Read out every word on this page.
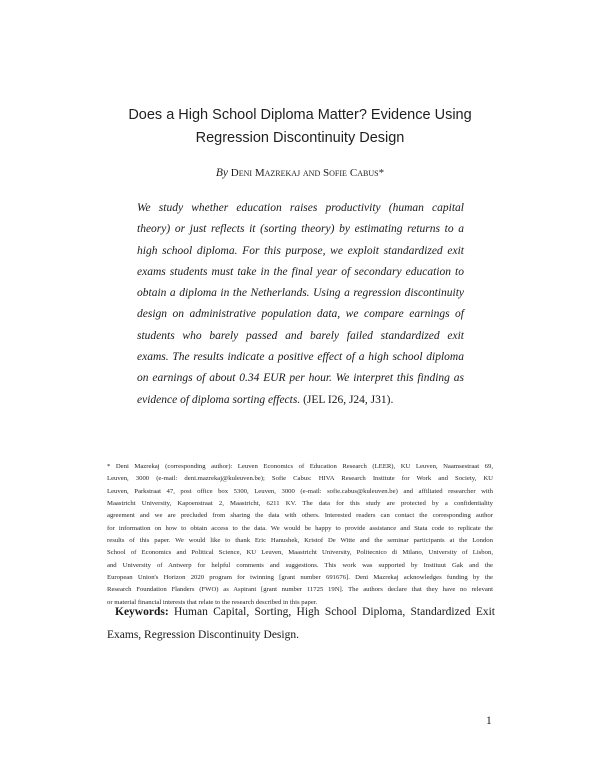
Does a High School Diploma Matter? Evidence Using
Regression Discontinuity Design
By Deni Mazrekaj and Sofie Cabus*
We study whether education raises productivity (human capital
theory) or just reflects it (sorting theory) by estimating returns to a
high school diploma. For this purpose, we exploit standardized exit
exams students must take in the final year of secondary education to
obtain a diploma in the Netherlands. Using a regression discontinuity
design on administrative population data, we compare earnings of
students who barely passed and barely failed standardized exit
exams. The results indicate a positive effect of a high school diploma
on earnings of about 0.34 EUR per hour. We interpret this finding as
evidence of diploma sorting effects. (JEL I26, J24, J31).
* Deni Mazrekaj (corresponding author): Leuven Economics of Education Research (LEER), KU Leuven, Naamsestraat 69,
Leuven, 3000 (e-mail: deni.mazrekaj@kuleuven.be); Sofie Cabus: HIVA Research Institute for Work and Society, KU
Leuven, Parkstraat 47, post office box 5300, Leuven, 3000 (e-mail: sofie.cabus@kuleuven.be) and affiliated researcher with
Maastricht University, Kapoenstraat 2, Maastricht, 6211 KV. The data for this study are protected by a confidentiality
agreement and we are precluded from sharing the data with others. Interested readers can contact the corresponding author
for information on how to obtain access to the data. We would be happy to provide assistance and Stata code to replicate the
results of this paper. We would like to thank Eric Hanushek, Kristof De Witte and the seminar participants at the London
School of Economics and Political Science, KU Leuven, Maastricht University, Politecnico di Milano, University of Lisbon,
and University of Antwerp for helpful comments and suggestions. This work was supported by Instituut Gak and the
European Union's Horizon 2020 program for twinning [grant number 691676]. Deni Mazrekaj acknowledges funding by the
Research Foundation Flanders (FWO) as Aspirant [grant number 11725 19N]. The authors declare that they have no relevant
or material financial interests that relate to the research described in this paper.
Keywords: Human Capital, Sorting, High School Diploma, Standardized Exit
Exams, Regression Discontinuity Design.
1
